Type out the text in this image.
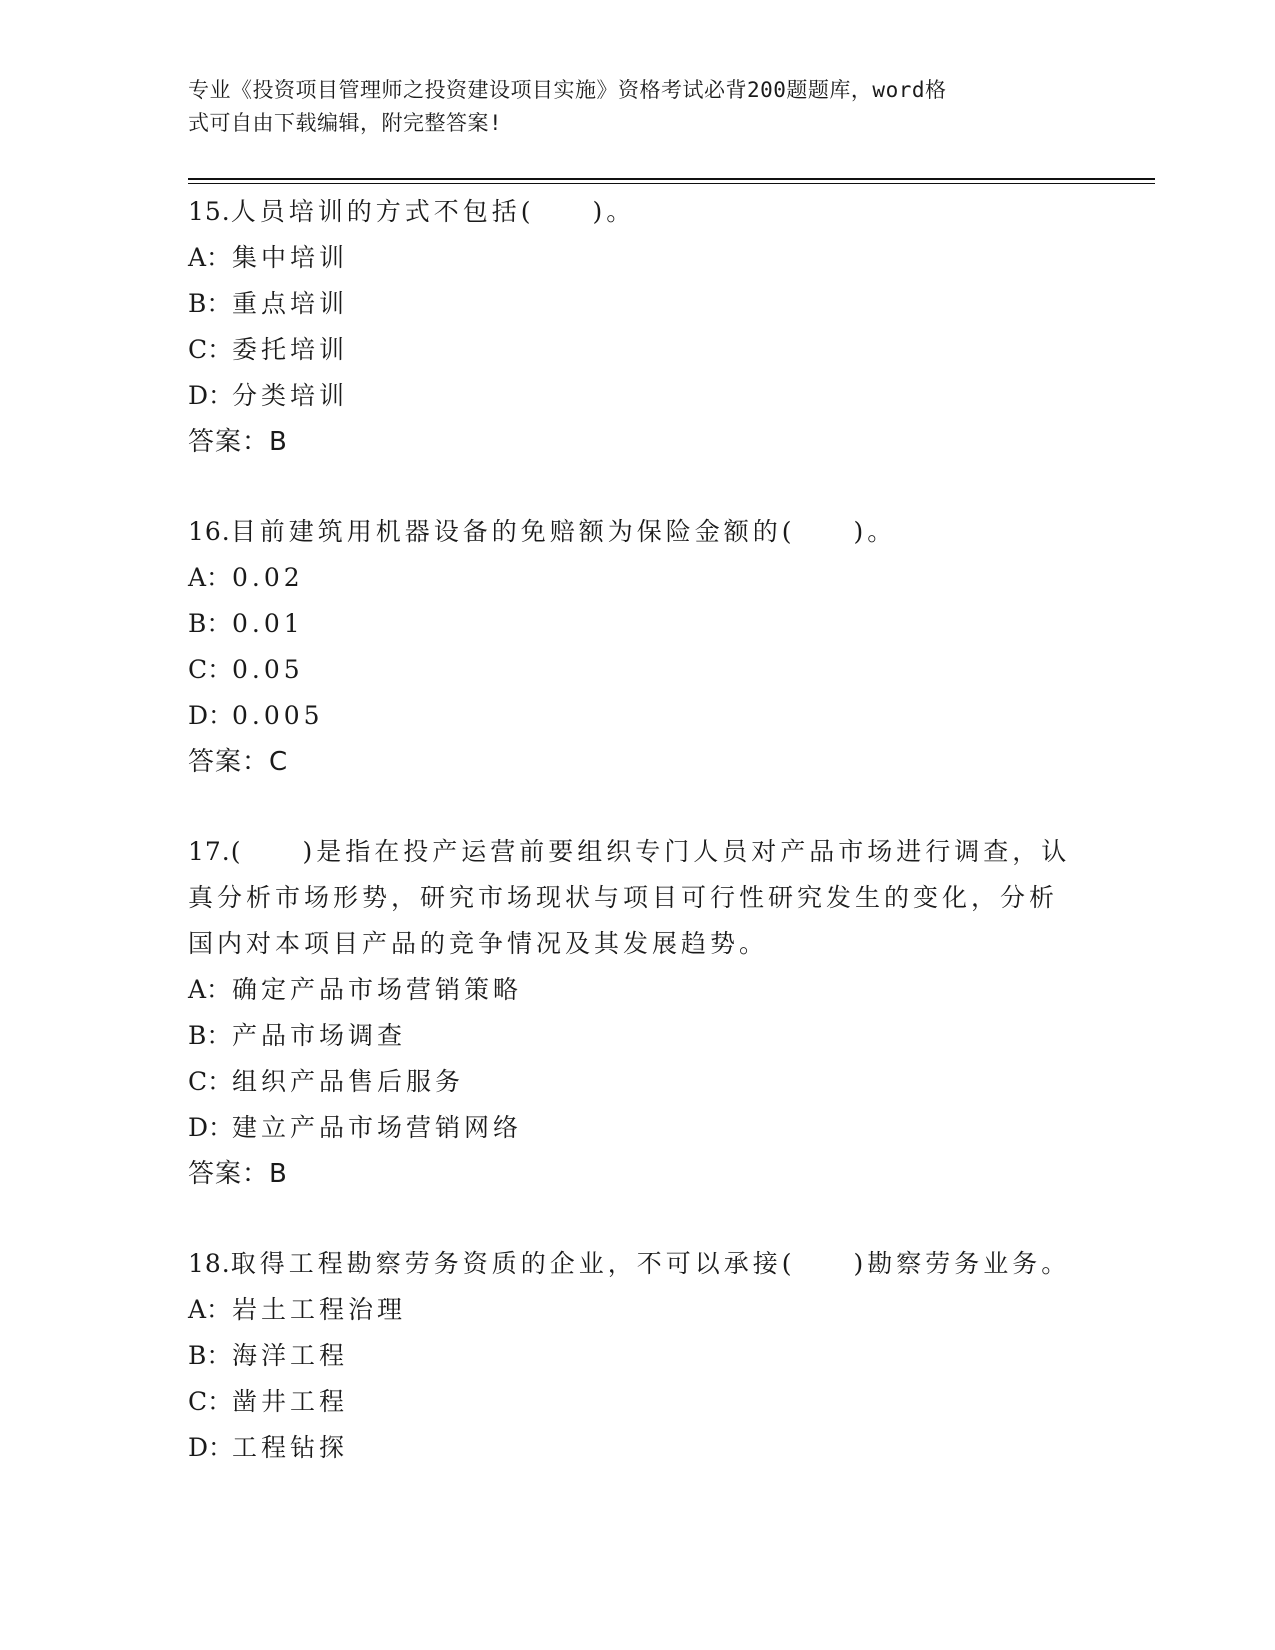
专业《投资项目管理师之投资建设项目实施》资格考试必背200题题库，word格
式可自由下载编辑，附完整答案!
15.人员培训的方式不包括(　　)。
A：集中培训
B：重点培训
C：委托培训
D：分类培训
答案：B
16.目前建筑用机器设备的免赔额为保险金额的(　　)。
A：0.02
B：0.01
C：0.05
D：0.005
答案：C
17.(　　)是指在投产运营前要组织专门人员对产品市场进行调查，认
真分析市场形势，研究市场现状与项目可行性研究发生的变化，分析
国内对本项目产品的竞争情况及其发展趋势。
A：确定产品市场营销策略
B：产品市场调查
C：组织产品售后服务
D：建立产品市场营销网络
答案：B
18.取得工程勘察劳务资质的企业，不可以承接(　　)勘察劳务业务。
A：岩土工程治理
B：海洋工程
C：凿井工程
D：工程钻探
